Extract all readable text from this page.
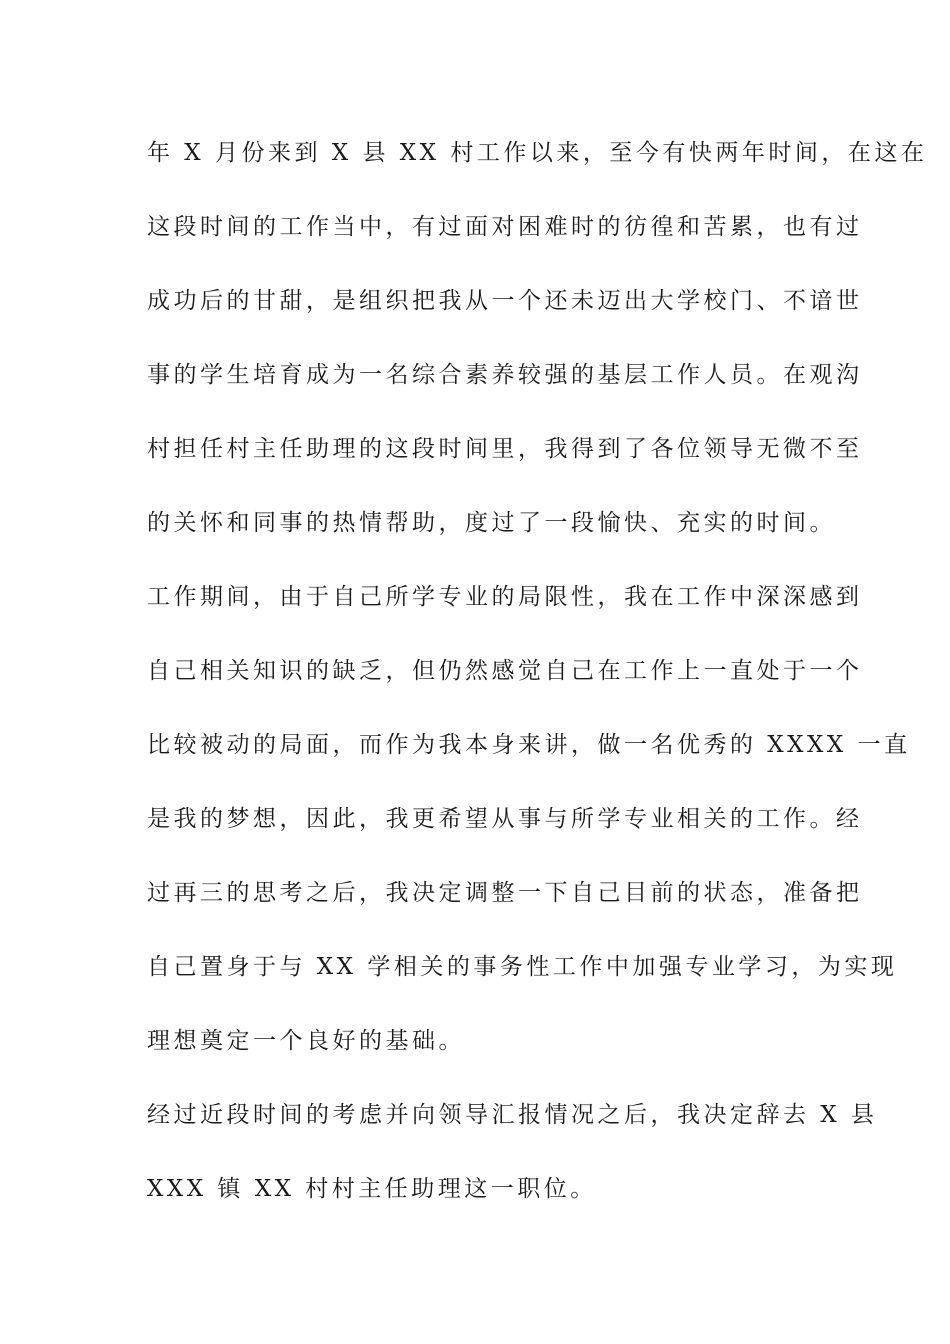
年 X 月份来到 X 县 XX 村工作以来，至今有快两年时间，在这在
这段时间的工作当中，有过面对困难时的彷徨和苦累，也有过
成功后的甘甜，是组织把我从一个还未迈出大学校门、不谙世
事的学生培育成为一名综合素养较强的基层工作人员。在观沟
村担任村主任助理的这段时间里，我得到了各位领导无微不至
的关怀和同事的热情帮助，度过了一段愉快、充实的时间。
工作期间，由于自己所学专业的局限性，我在工作中深深感到
自己相关知识的缺乏，但仍然感觉自己在工作上一直处于一个
比较被动的局面，而作为我本身来讲，做一名优秀的 XXXX 一直
是我的梦想，因此，我更希望从事与所学专业相关的工作。经
过再三的思考之后，我决定调整一下自己目前的状态，准备把
自己置身于与 XX 学相关的事务性工作中加强专业学习，为实现
理想奠定一个良好的基础。
经过近段时间的考虑并向领导汇报情况之后，我决定辞去 X 县
XXX 镇 XX 村村主任助理这一职位。
